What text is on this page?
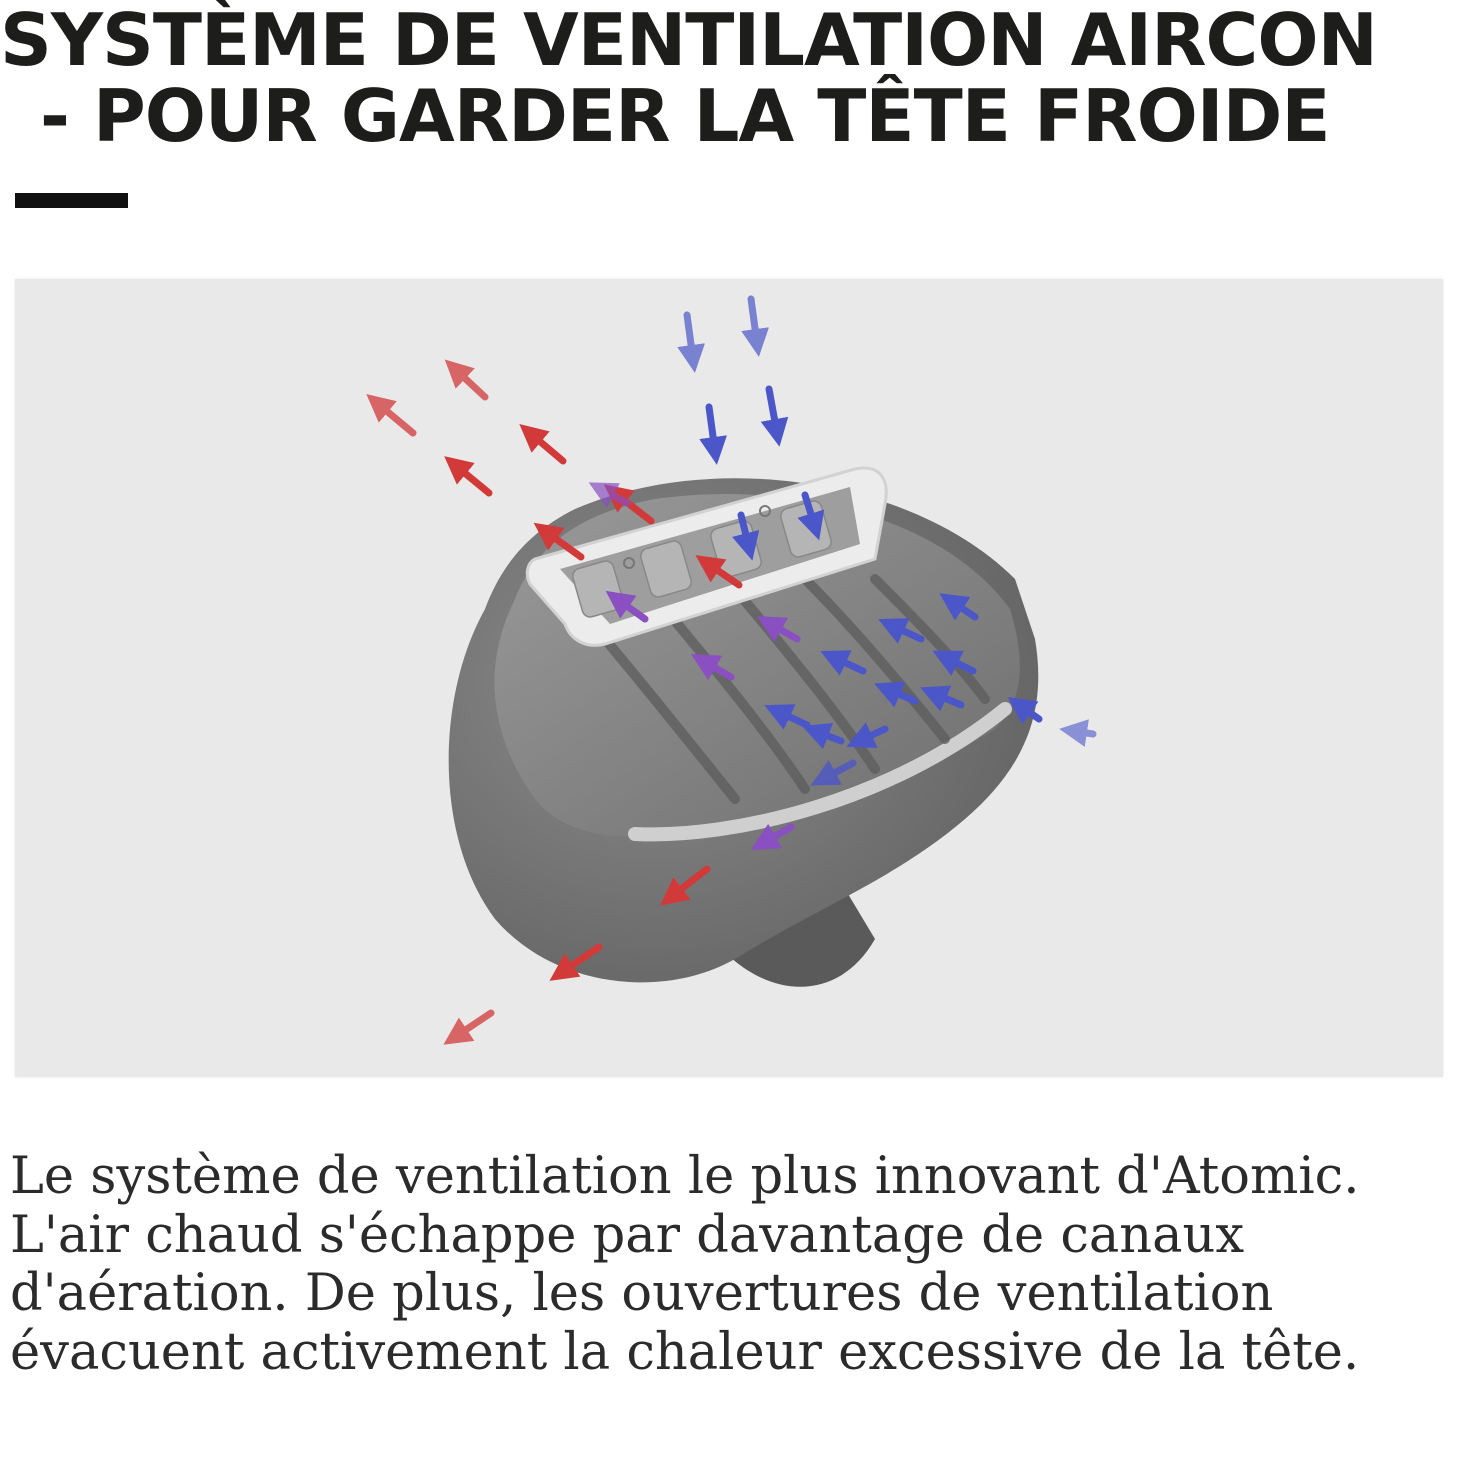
SYSTÈME DE VENTILATION AIRCON
- POUR GARDER LA TÊTE FROIDE

Le système de ventilation le plus innovant d'Atomic.
L'air chaud s'échappe par davantage de canaux
d'aération. De plus, les ouvertures de ventilation
évacuent activement la chaleur excessive de la tête.
